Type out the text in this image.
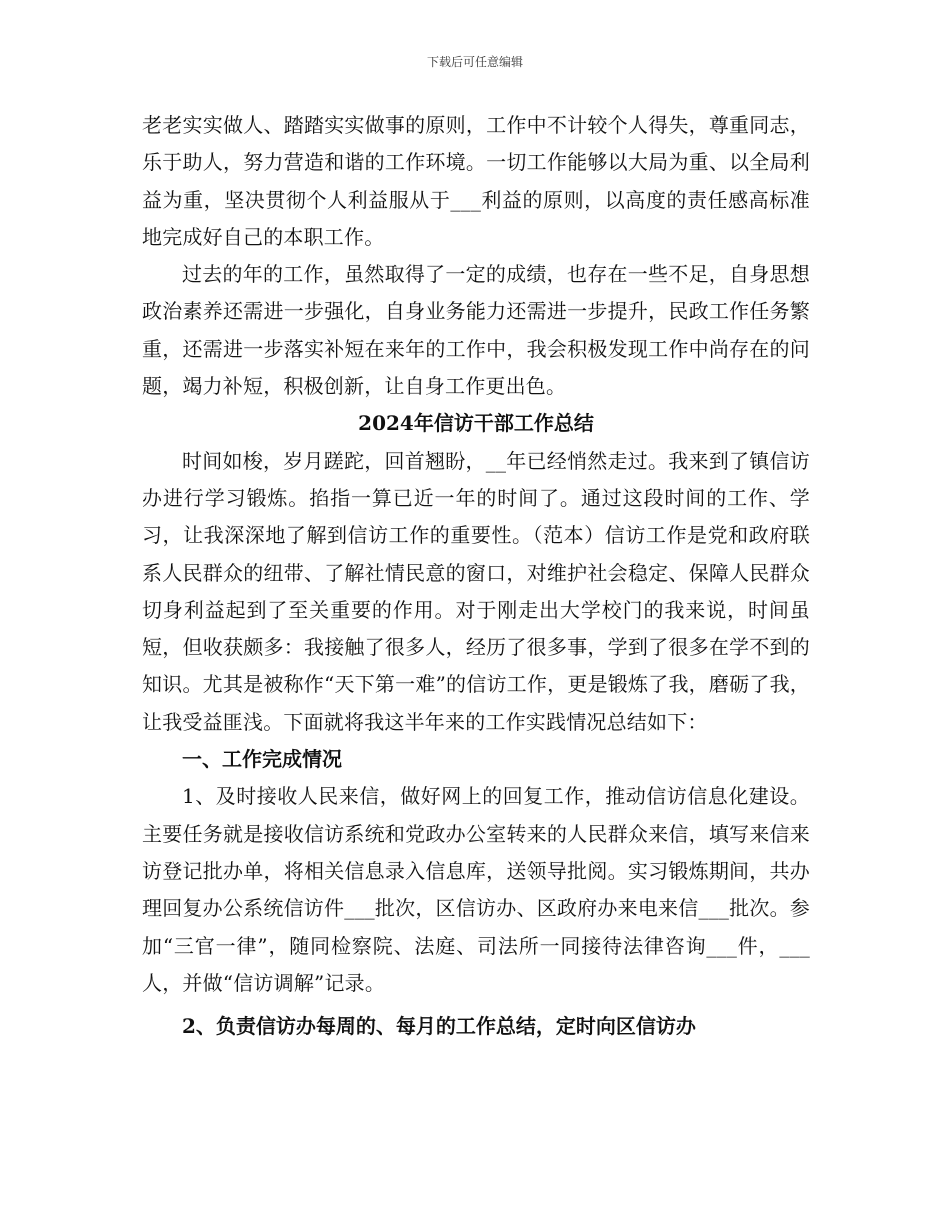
下载后可任意编辑

老老实实做人、踏踏实实做事的原则，工作中不计较个人得失，尊重同志，乐于助人，努力营造和谐的工作环境。一切工作能够以大局为重、以全局利益为重，坚决贯彻个人利益服从于___利益的原则，以高度的责任感高标准地完成好自己的本职工作。

过去的年的工作，虽然取得了一定的成绩，也存在一些不足，自身思想政治素养还需进一步强化，自身业务能力还需进一步提升，民政工作任务繁重，还需进一步落实补短在来年的工作中，我会积极发现工作中尚存在的问题，竭力补短，积极创新，让自身工作更出色。

2024年信访干部工作总结

时间如梭，岁月蹉跎，回首翘盼，__年已经悄然走过。我来到了镇信访办进行学习锻炼。掐指一算已近一年的时间了。通过这段时间的工作、学习，让我深深地了解到信访工作的重要性。（范本）信访工作是党和政府联系人民群众的纽带、了解社情民意的窗口，对维护社会稳定、保障人民群众切身利益起到了至关重要的作用。对于刚走出大学校门的我来说，时间虽短，但收获颇多：我接触了很多人，经历了很多事，学到了很多在学不到的知识。尤其是被称作“天下第一难”的信访工作，更是锻炼了我，磨砺了我，让我受益匪浅。下面就将我这半年来的工作实践情况总结如下：

一、工作完成情况

1、及时接收人民来信，做好网上的回复工作，推动信访信息化建设。主要任务就是接收信访系统和党政办公室转来的人民群众来信，填写来信来访登记批办单，将相关信息录入信息库，送领导批阅。实习锻炼期间，共办理回复办公系统信访件___批次，区信访办、区政府办来电来信___批次。参加“三官一律”，随同检察院、法庭、司法所一同接待法律咨询___件，___人，并做“信访调解”记录。

2、负责信访办每周的、每月的工作总结，定时向区信访办
